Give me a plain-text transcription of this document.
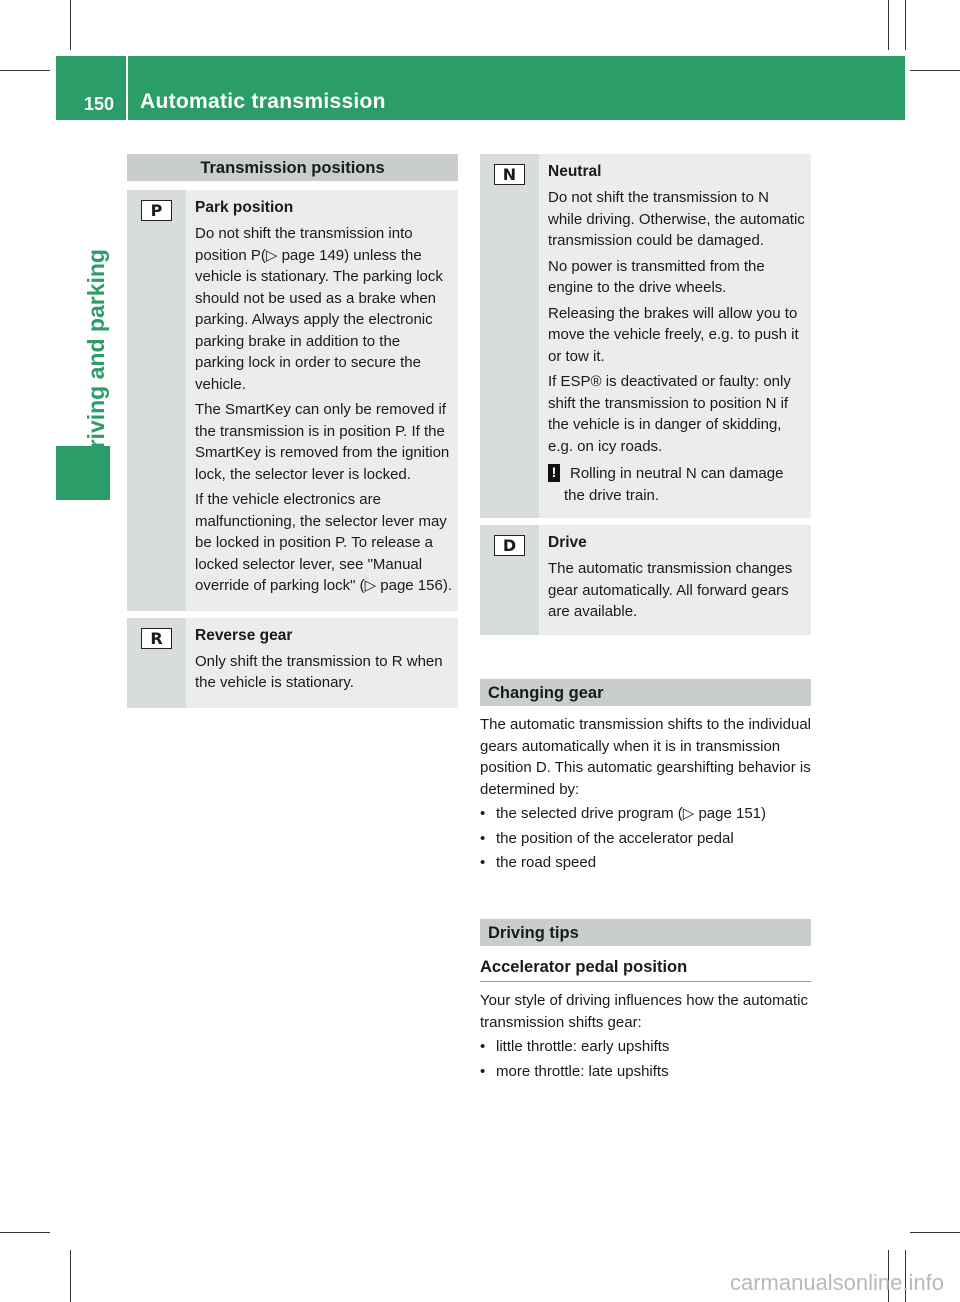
150 Automatic transmission
Driving and parking
Transmission positions
P	Park position
Do not shift the transmission into position P(▷ page 149) unless the vehicle is stationary. The parking lock should not be used as a brake when parking. Always apply the electronic parking brake in addition to the parking lock in order to secure the vehicle.
The SmartKey can only be removed if the transmission is in position P. If the SmartKey is removed from the ignition lock, the selector lever is locked.
If the vehicle electronics are malfunctioning, the selector lever may be locked in position P. To release a locked selector lever, see "Manual override of parking lock" (▷ page 156).
R	Reverse gear
Only shift the transmission to R when the vehicle is stationary.
N	Neutral
Do not shift the transmission to N while driving. Otherwise, the automatic transmission could be damaged.
No power is transmitted from the engine to the drive wheels.
Releasing the brakes will allow you to move the vehicle freely, e.g. to push it or tow it.
If ESP® is deactivated or faulty: only shift the transmission to position N if the vehicle is in danger of skidding, e.g. on icy roads.
! Rolling in neutral N can damage
the drive train.
D	Drive
The automatic transmission changes gear automatically. All forward gears are available.
Changing gear
The automatic transmission shifts to the individual gears automatically when it is in transmission position D. This automatic gearshifting behavior is determined by:
• the selected drive program (▷ page 151)
• the position of the accelerator pedal
• the road speed
Driving tips
Accelerator pedal position
Your style of driving influences how the automatic transmission shifts gear:
• little throttle: early upshifts
• more throttle: late upshifts
carmanualsonline.info
